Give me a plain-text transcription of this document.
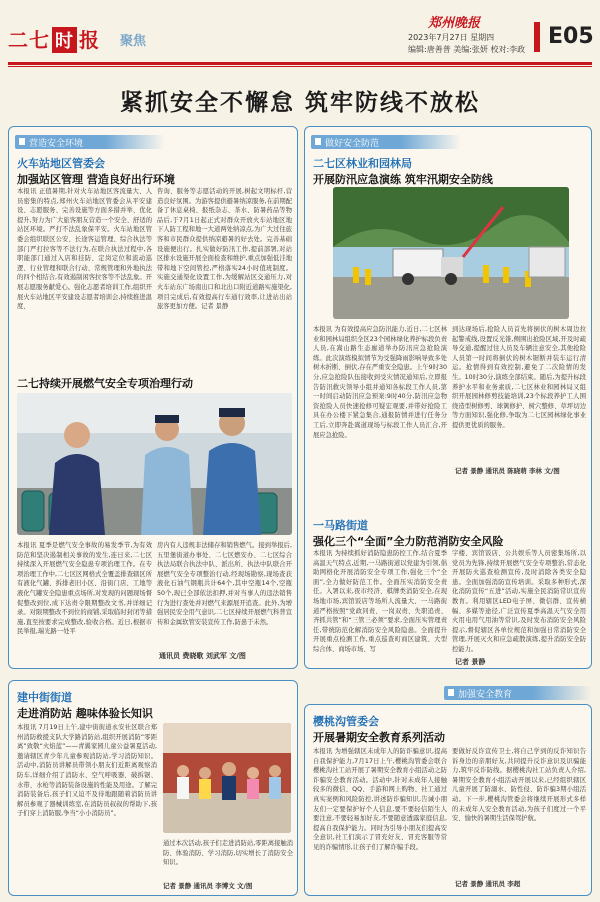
二七 时 报 聚焦
郑州晚报
2023年7月27日 星期四
编辑:唐善普 美编:张妍 校对:李政
E05
紧抓安全不懈怠 筑牢防线不放松
营造安全环境
火车站地区管委会
加强站区管理 营造良好出行环境
本报讯 正值暑期,针对火车站地区客流量大、人员密集的特点,郑州火车站地区管委会从平安建设、志愿服务、完善设施等方面多措并举、优化提升,努力为广大旅客朋友营造一个安全、舒适的站区环境。严打不法乱象保平安。火车站地区管委会组织联区公安、长途客运管理、综合执法等部门严打拉客等不法行为,在联合执法过程中,各职能部门通过入店和挂防、定岗定位和流动巡逻、行业管理和联合行动、常规管理和外地执法的四个相结合,有效遏制闲客拉客等不法乱象。开展志愿服务献爱心。强化志愿者培训工作,组织开展火车站地区平安建设志愿者培训会,持续推进温度、
咨询、服务等志愿活动的开展,树起文明标杆,营造良好氛围。为游客提供避暑纳凉服务,在前期配备了休息桌椅、报纸杂志、茶水、防暑药品等物品后,于7月1日起正式对群众开放火车站地区地下人防工程和地一大道两处纳凉点,为广大过往旅客和市民群众提供纳凉避暑的好去处。完善基础设施便出行。扎实做好防汛工作,提前部署,对站区排水设施开展全面检查和维护,重点加强低洼地带和地下空间管控,严格落实24小时值班制度。实施交通渠化设置工作,为缓解站区交通压力,对火车站东广场南出口和北出口附近道路实施渠化,项目完成后,有效提高行车通行效率,让进站出站旅客更加方便。记者 景静
二七持续开展燃气安全专项治理行动
本报讯 夏季是燃气安全事故的易发季节,为有效防范和坚决遏制相关事故的发生,连日来,二七区持续深入开展燃气安全隐患专项治理工作。在专项治理工作中,二七区区网格式全覆盖排查辖区所有液化气罐、拆排老旧小区、沿街门店、工地等液化气罐安全隐患重点场所,对发现的问题现场督促整改到位,成下达责令限期整改文书,并详细记录。对限期整改不到位的商铺,采取临时封闭等措施,直至按要求完成整改,验收合格。近日,根据市民举报,瑞光路一处平
房内有人违规非法储存和销售燃气。接到举报后,五里堡街道办事处、二七区燃安办、二七区综合执法局联合执法中队、派出所、执法中队联合开展燃气安全专项整治行动,经现场勘察,现场查获液化石油气钢瓶共计64个,其中空瓶14个,空瓶50个,现已全部依法扣押,并对当事人的违法销售行为进行查处并对燃气来源展开追查。此外,为增强居民安全用气意识,二七区持续开展燃气科普宣传和金属软管安装宣传工作,防患于未然。
通讯员 费晓歌 刘武军 文/图
做好安全防范
二七区林业和园林局
开展防汛应急演练 筑牢汛期安全防线
本报讯 为有效提高应急防汛能力,近日,二七区林业和园林局组织全区23个园林绿化养护标段负责人员,在嵩山路生态廊道举办防汛应急抢险演练。此次演练模拟情节为受强降雨影响导致多处树木折断、倒伏,存在严重安全隐患。上午9时30分,应急抢险队伍接收到受灾情况通知后,立即报告防汛救灾领导小组并通知各标段工作人员,第一时间启动防汛应急预案:9时40分,防汛应急物资抢险人员快速抢修可疑宏观要,并带好抢险工具在办公楼下紧急集合,通报防情并进行任务分工后,立即奔赴嵩道现场与标段工作人员汇合,开展应急抢险。
到达现场后,抢险人员首先将倒伏的树木周边拉起警戒线,设置反光锥,侧围出抢险区域,开及时疏导交通,提醒过往人员及车辆注意安全,其他抢险人员第一时间将倒伏的树木锯断并装车运行清运。抢情得到有效控制,避免了二次险情的发生。10时30分,演练全部结束。随后,为提升标段养护水平和业务素质,二七区林业和园林局又组织开展园林修剪技能培训,23个标段养护工人围绕造型树修剪、球篱修护、树穴整修、草坪切边等方面知识,强化修,争取为二七区园林绿化事业提供更优质的服务。
记者 景静 通讯员 陈晓萌 李林 文/图
一马路街道
强化三个“全面”全力防范消防安全风险
本报讯 为持续抓好消防隐患防控工作,结合夏季高温天气特点,近期,一马路街道以党建为引领,倡助网格化开展消防安全专项工作,强化三个“全面”,全力做好防范工作。全面压实消防安全责任。入署以来,夜市经济、棋牌类消防安全,在现场地市场,宾馆饭店等场所人流量大、一马路街道严格按照“党政同责、一岗双责、失职追责、齐抓共管”和“三管三必须”要求,全面压实管理责任,带统防范化解消防安全风险隐患。全面提升开展重点检测工作,重点巡查町商区建筑、大型综合体、商场市场、写
字楼、宾馆饭店、公共娱乐等人员密集场所,以党员为先锋,持续开展燃气安全专项整治,常态化开展防火巡查检测宣传,及时消除各类安全隐患。全面加强消防宣传培训。采取多种形式,深化消防宣传“五进”活动,实施全民消防常识宣传教育。利用辖区LED电子屏、微信群、宣传横幅、多媒等途径,广泛宣传夏季高温天气安全用火用电用气用油等常识,及时发布消防安全风险提示,督促辖区各单位规范和加强日常消防安全管理,开展灭火和应急疏散演练,提升消防安全防控能力。
记者 景静
建中街街道
走进消防站 趣味体验长知识
本报讯 7月19日上午,建中街街道永安社区联合郑州消防救援支队大学路消防站,组织开展消防“零距离”致敬“火焰蓝”——青翼家园儿童公益暑夏活动,邀请辖区青少年儿童参观消防站,学习消防知识。活动中,消防员讲解员带领小朋友们近距离观察消防车,详细介绍了消防水、空气呼吸器、破拆锯、水带、水枪等消防装备设施的性能及用途。了解完消防装备后,孩子们又迫不及待地跟随着消防员讲解员参观了器械训练室,在消防员叔叔的帮助下,孩子们穿上消防服,争当“小小消防员”。
通过本次活动,孩子们走进消防站,零距离接触消防、体验消防、学习消防,切实增长了消防安全知识。
记者 景静 通讯员 李博文 文/图
加强安全教育
樱桃沟管委会
开展暑期安全教育系列活动
本报讯 为增强辖区未成年人的防诈骗意识,提高自我保护能力,7月17日上午,樱桃沟管委会联合樱桃沟社工站开展了暑期安全教育小组活动之防诈骗安全教育活动。活动中,针对未成年人接触较多的微信、QQ、手游和网上购物、社工通过真实案例和风险防控,讲述防诈骗知识,告诫小朋友们一定要保护好个人信息,要不要轻信陌生人要注意,不要轻易加好友,不要随意透露家庭信息,提高自我保护能力。同时为引导小朋友们提高安全意识,社工们演示了冒充好友、冒充客服等常见的诈骗情形,让孩子们了解诈骗手段。
要做好反诈宣传卫士,将自己学到的反诈知识告诉身边的亲朋好友,共同提升反诈意识及识骗能力,筑牢反诈防线。据樱桃沟社工站负责人介绍,暑期安全教育小组活动开展以来,已经组织辖区儿童开展了防溺水、防性侵、防诈骗3期小组活动。下一步,樱桃沟管委会将继续开展形式多样的未成年人安全教育活动,为孩子们度过一个平安、愉快的暑期生活保驾护航。
记者 景静 通讯员 李超
